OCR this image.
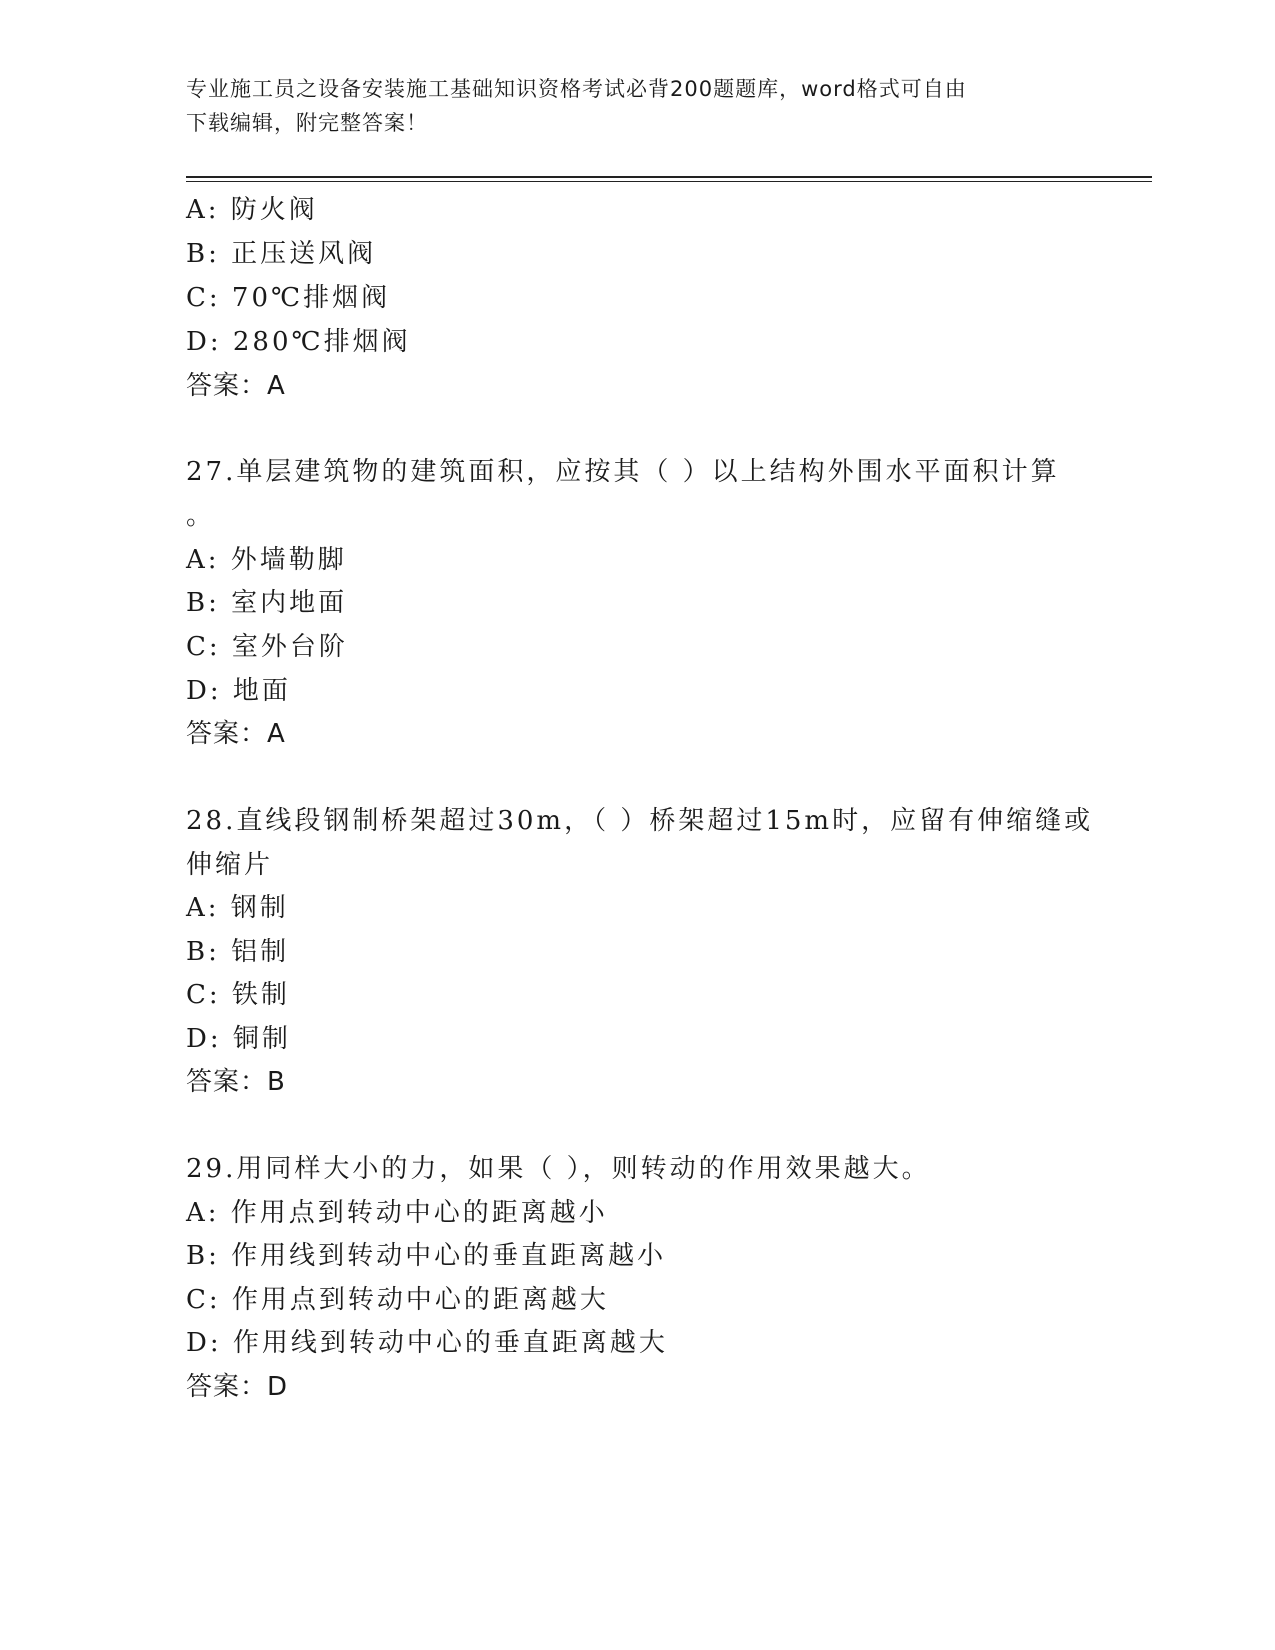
专业施工员之设备安装施工基础知识资格考试必背200题题库，word格式可自由
下载编辑，附完整答案！
A: 防火阀
B: 正压送风阀
C: 70℃排烟阀
D: 280℃排烟阀
答案：A
27.单层建筑物的建筑面积，应按其（ ）以上结构外围水平面积计算
。
A: 外墙勒脚
B: 室内地面
C: 室外台阶
D: 地面
答案：A
28.直线段钢制桥架超过30m，（ ）桥架超过15m时，应留有伸缩缝或
伸缩片
A: 钢制
B: 铝制
C: 铁制
D: 铜制
答案：B
29.用同样大小的力，如果（ ），则转动的作用效果越大。
A: 作用点到转动中心的距离越小
B: 作用线到转动中心的垂直距离越小
C: 作用点到转动中心的距离越大
D: 作用线到转动中心的垂直距离越大
答案：D
